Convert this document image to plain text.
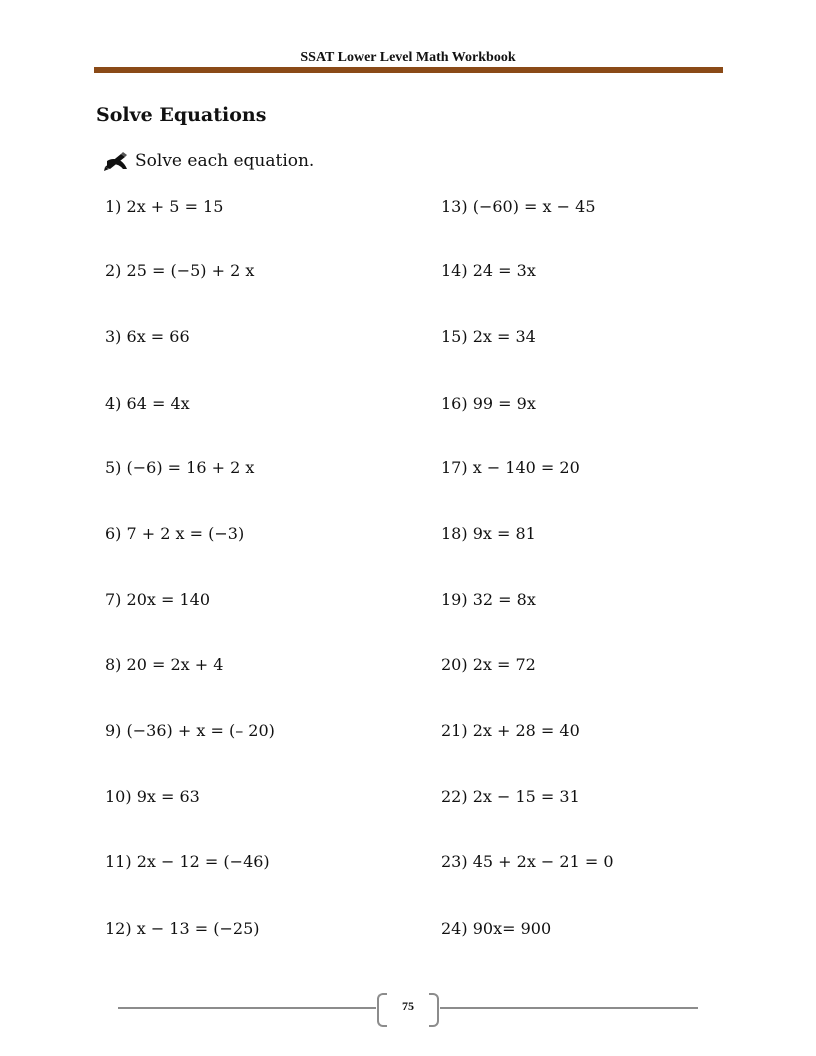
SSAT Lower Level Math Workbook
Solve Equations
Solve each equation.
1) 2x + 5 = 15
2) 25 = (−5) + 2 x
3) 6x = 66
4) 64 = 4x
5) (−6) = 16 + 2 x
6) 7 + 2 x = (−3)
7) 20x = 140
8) 20 = 2x + 4
9) (−36) + x = (– 20)
10) 9x = 63
11) 2x − 12 = (−46)
12) x − 13 = (−25)
13) (−60) = x − 45
14) 24 = 3x
15) 2x = 34
16) 99 = 9x
17) x − 140 = 20
18) 9x = 81
19) 32 = 8x
20) 2x = 72
21) 2x + 28 = 40
22) 2x − 15 = 31
23) 45 + 2x − 21 = 0
24) 90x= 900
75
